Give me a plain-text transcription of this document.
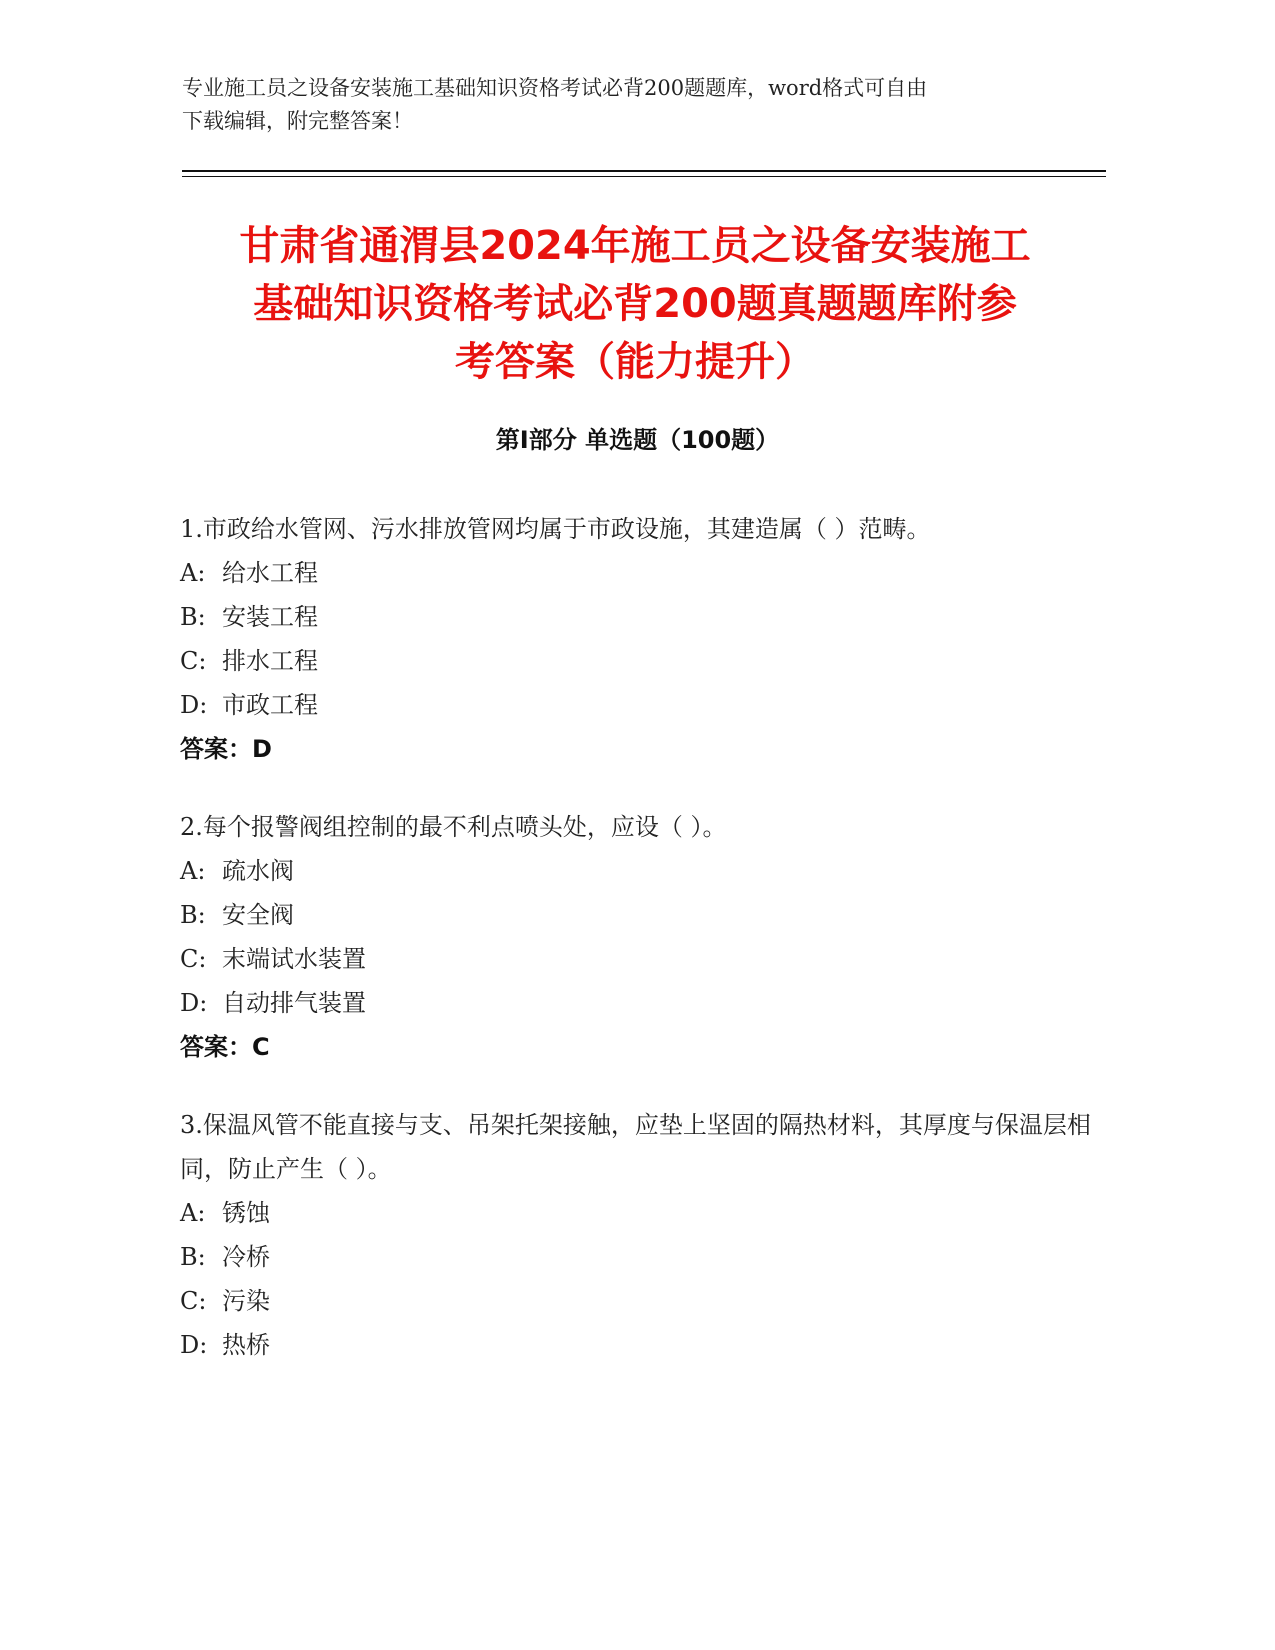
专业施工员之设备安装施工基础知识资格考试必背200题题库，word格式可自由
下载编辑，附完整答案！
甘肃省通渭县2024年施工员之设备安装施工
基础知识资格考试必背200题真题题库附参
考答案（能力提升）
第Ⅰ部分 单选题（100题）
1.市政给水管网、污水排放管网均属于市政设施，其建造属（ ）范畴。
A: 给水工程
B: 安装工程
C: 排水工程
D: 市政工程
答案：D
2.每个报警阀组控制的最不利点喷头处，应设（ ）。
A: 疏水阀
B: 安全阀
C: 末端试水装置
D: 自动排气装置
答案：C
3.保温风管不能直接与支、吊架托架接触，应垫上坚固的隔热材料，其厚度与保温层相同，防止产生（ ）。
A: 锈蚀
B: 冷桥
C: 污染
D: 热桥
